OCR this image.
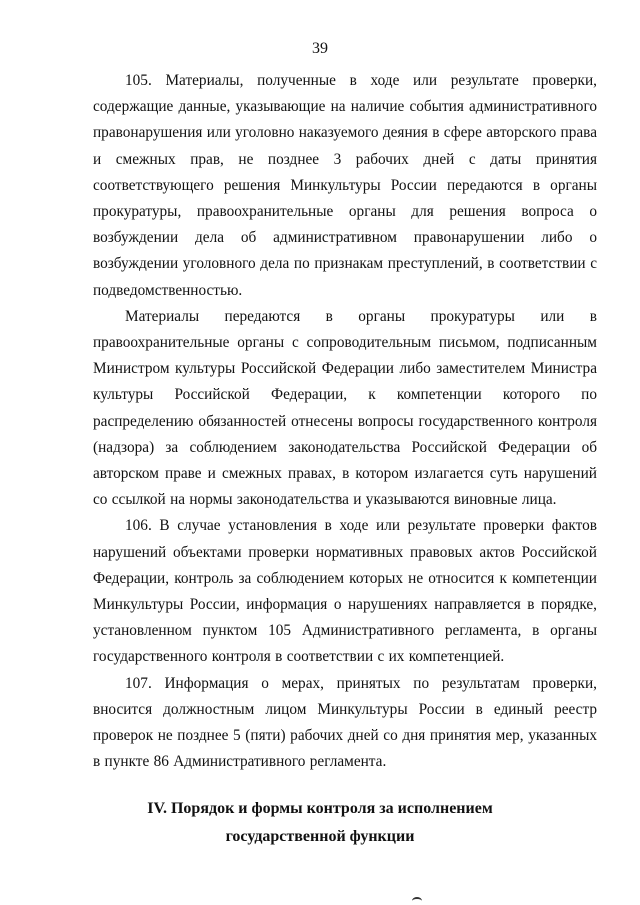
39

105. Материалы, полученные в ходе или результате проверки, содержащие данные, указывающие на наличие события административного правонарушения или уголовно наказуемого деяния в сфере авторского права и смежных прав, не позднее 3 рабочих дней с даты принятия соответствующего решения Минкультуры России передаются в органы прокуратуры, правоохранительные органы для решения вопроса о возбуждении дела об административном правонарушении либо о возбуждении уголовного дела по признакам преступлений, в соответствии с подведомственностью.

Материалы передаются в органы прокуратуры или в правоохранительные органы с сопроводительным письмом, подписанным Министром культуры Российской Федерации либо заместителем Министра культуры Российской Федерации, к компетенции которого по распределению обязанностей отнесены вопросы государственного контроля (надзора) за соблюдением законодательства Российской Федерации об авторском праве и смежных правах, в котором излагается суть нарушений со ссылкой на нормы законодательства и указываются виновные лица.

106. В случае установления в ходе или результате проверки фактов нарушений объектами проверки нормативных правовых актов Российской Федерации, контроль за соблюдением которых не относится к компетенции Минкультуры России, информация о нарушениях направляется в порядке, установленном пунктом 105 Административного регламента, в органы государственного контроля в соответствии с их компетенцией.

107. Информация о мерах, принятых по результатам проверки, вносится должностным лицом Минкультуры России в единый реестр проверок не позднее 5 (пяти) рабочих дней со дня принятия мер, указанных в пункте 86 Административного регламента.

IV. Порядок и формы контроля за исполнением
государственной функции
